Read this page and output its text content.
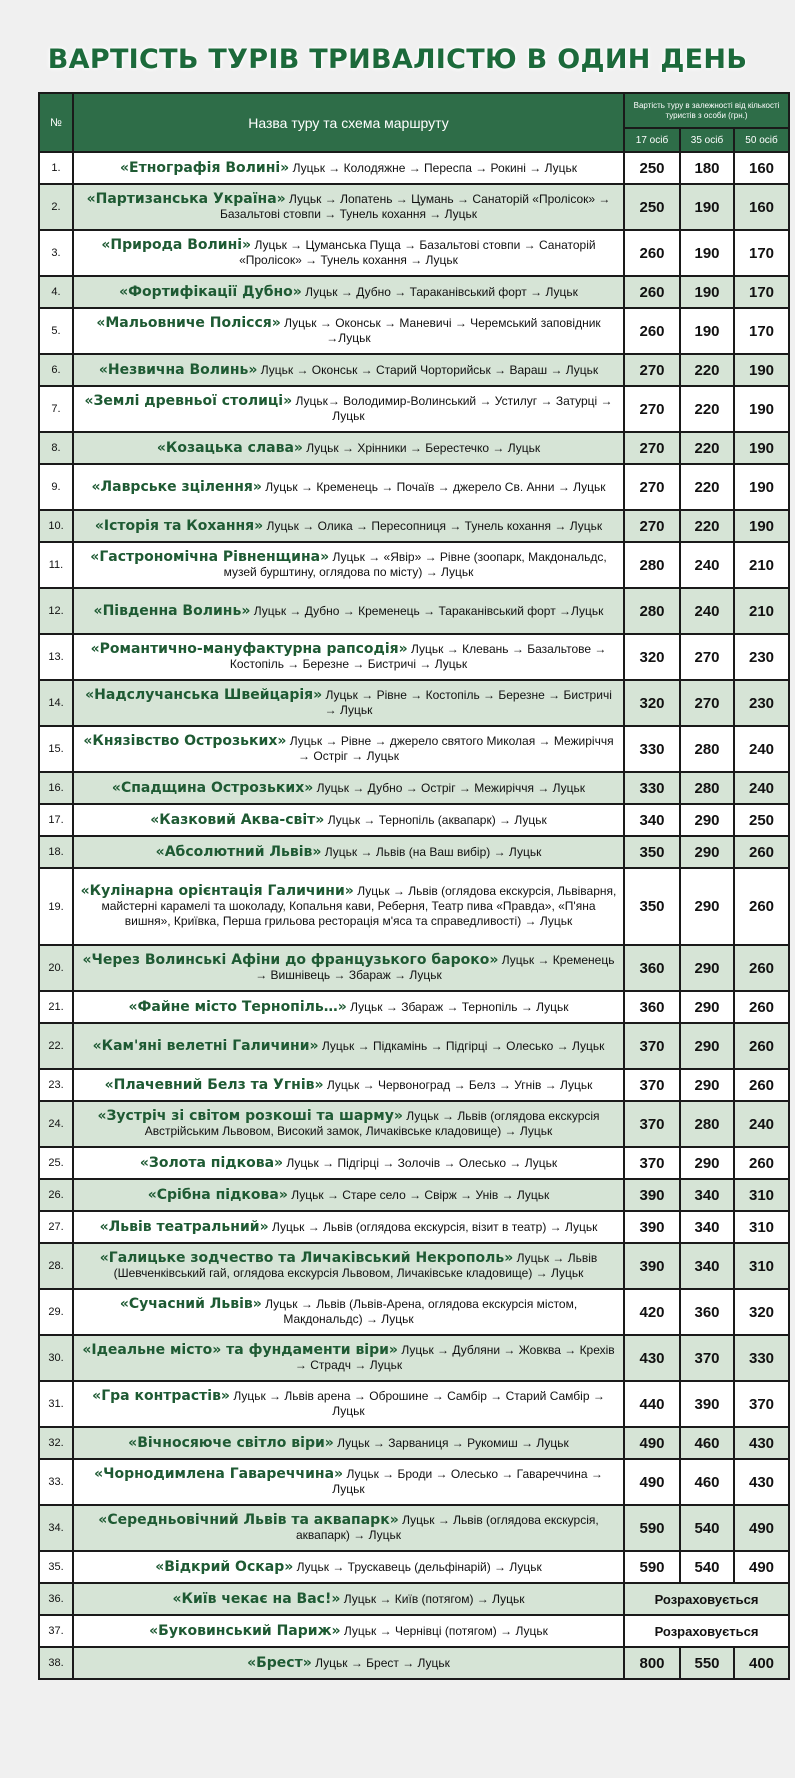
ВАРТІСТЬ ТУРІВ ТРИВАЛІСТЮ В ОДИН ДЕНЬ
№	Назва туру та схема маршруту	Вартість туру в залежності від кількості туристів з особи (грн.)		
		17 осіб	35 осіб	50 осіб
1.	«Етнографія Волині» Луцьк → Колодяжне → Переспа → Рокині → Луцьк	250	180	160
2.	«Партизанська Україна» Луцьк → Лопатень → Цумань → Санаторій «Пролісок» → Базальтові стовпи → Тунель кохання → Луцьк	250	190	160
3.	«Природа Волині» Луцьк → Цуманська Пуща → Базальтові стовпи → Санаторій «Пролісок» → Тунель кохання → Луцьк	260	190	170
4.	«Фортифікації Дубно» Луцьк → Дубно → Тараканівський форт → Луцьк	260	190	170
5.	«Мальовниче Полісся» Луцьк → Оконськ → Маневичі → Черемський заповідник →Луцьк	260	190	170
6.	«Незвична Волинь» Луцьк → Оконськ → Старий Чорторийськ → Вараш → Луцьк	270	220	190
7.	«Землі древньої столиці» Луцьк→ Володимир-Волинський → Устилуг → Затурці → Луцьк	270	220	190
8.	«Козацька слава» Луцьк → Хрінники → Берестечко → Луцьк	270	220	190
9.	«Лаврське зцілення» Луцьк → Кременець → Почаїв → джерело Св. Анни → Луцьк	270	220	190
10.	«Історія та Кохання» Луцьк → Олика → Пересопниця → Тунель кохання → Луцьк	270	220	190
11.	«Гастрономічна Рівненщина» Луцьк → «Явір» → Рівне (зоопарк, Макдональдс, музей бурштину, оглядова по місту) → Луцьк	280	240	210
12.	«Південна Волинь» Луцьк → Дубно → Кременець → Тараканівський форт →Луцьк	280	240	210
13.	«Романтично-мануфактурна рапсодія» Луцьк → Клевань → Базальтове → Костопіль → Березне → Бистричі → Луцьк	320	270	230
14.	«Надслучанська Швейцарія» Луцьк → Рівне → Костопіль → Березне → Бистричі → Луцьк	320	270	230
15.	«Князівство Острозьких» Луцьк → Рівне → джерело святого Миколая → Межиріччя → Острiг → Луцьк	330	280	240
16.	«Спадщина Острозьких» Луцьк → Дубно → Острiг → Межиріччя → Луцьк	330	280	240
17.	«Казковий Аква-світ» Луцьк → Тернопіль (аквапарк) → Луцьк	340	290	250
18.	«Абсолютний Львів» Луцьк → Львів (на Ваш вибір) → Луцьк	350	290	260
19.	«Кулінарна орієнтація Галичини» Луцьк → Львів (оглядова екскурсія, Львіварня, майстерні карамелі та шоколаду, Копальня кави, Реберня, Театр пива «Правда», «П'яна вишня», Криївка, Перша грильова ресторація м'яса та справедливості) → Луцьк	350	290	260
20.	«Через Волинські Афіни до французького бароко» Луцьк → Кременець → Вишнівець → Збараж → Луцьк	360	290	260
21.	«Файне місто Тернопіль…» Луцьк → Збараж → Тернопіль → Луцьк	360	290	260
22.	«Кам'яні велетні Галичини» Луцьк → Підкамінь → Підгірці → Олесько → Луцьк	370	290	260
23.	«Плачевний Белз та Угнів» Луцьк → Червоноград → Белз → Угнів → Луцьк	370	290	260
24.	«Зустріч зі світом розкоші та шарму» Луцьк → Львів (оглядова екскурсія Австрійським Львовом, Високий замок, Личаківське кладовище) → Луцьк	370	280	240
25.	«Золота підкова» Луцьк → Підгірці → Золочів → Олесько → Луцьк	370	290	260
26.	«Срібна підкова» Луцьк → Старе село → Свірж → Унів → Луцьк	390	340	310
27.	«Львів театральний» Луцьк → Львів (оглядова екскурсія, візит в театр) → Луцьк	390	340	310
28.	«Галицьке зодчество та Личаківський Некрополь» Луцьк → Львів (Шевченківський гай, оглядова екскурсія Львовом, Личаківське кладовище) → Луцьк	390	340	310
29.	«Сучасний Львів» Луцьк → Львів (Львів-Арена, оглядова екскурсія містом, Макдональдс) → Луцьк	420	360	320
30.	«Ідеальне місто» та фундаменти віри» Луцьк → Дубляни → Жовква → Крехів → Страдч → Луцьк	430	370	330
31.	«Гра контрастів» Луцьк → Львів арена → Оброшине → Самбір → Старий Самбір → Луцьк	440	390	370
32.	«Вічносяюче світло віри» Луцьк → Зарваниця → Рукомиш → Луцьк	490	460	430
33.	«Чорнодимлена Гавареччина» Луцьк → Броди → Олесько → Гавареччина → Луцьк	490	460	430
34.	«Середньовічний Львів та аквапарк» Луцьк → Львів (оглядова екскурсія, аквапарк) → Луцьк	590	540	490
35.	«Відкрий Оскар» Луцьк → Трускавець (дельфінарій) → Луцьк	590	540	490
36.	«Київ чекає на Вас!» Луцьк → Київ (потягом) → Луцьк	Розраховується		
37.	«Буковинський Париж» Луцьк → Чернівці (потягом) → Луцьк	Розраховується		
38.	«Брест» Луцьк → Брест → Луцьк	800	550	400
